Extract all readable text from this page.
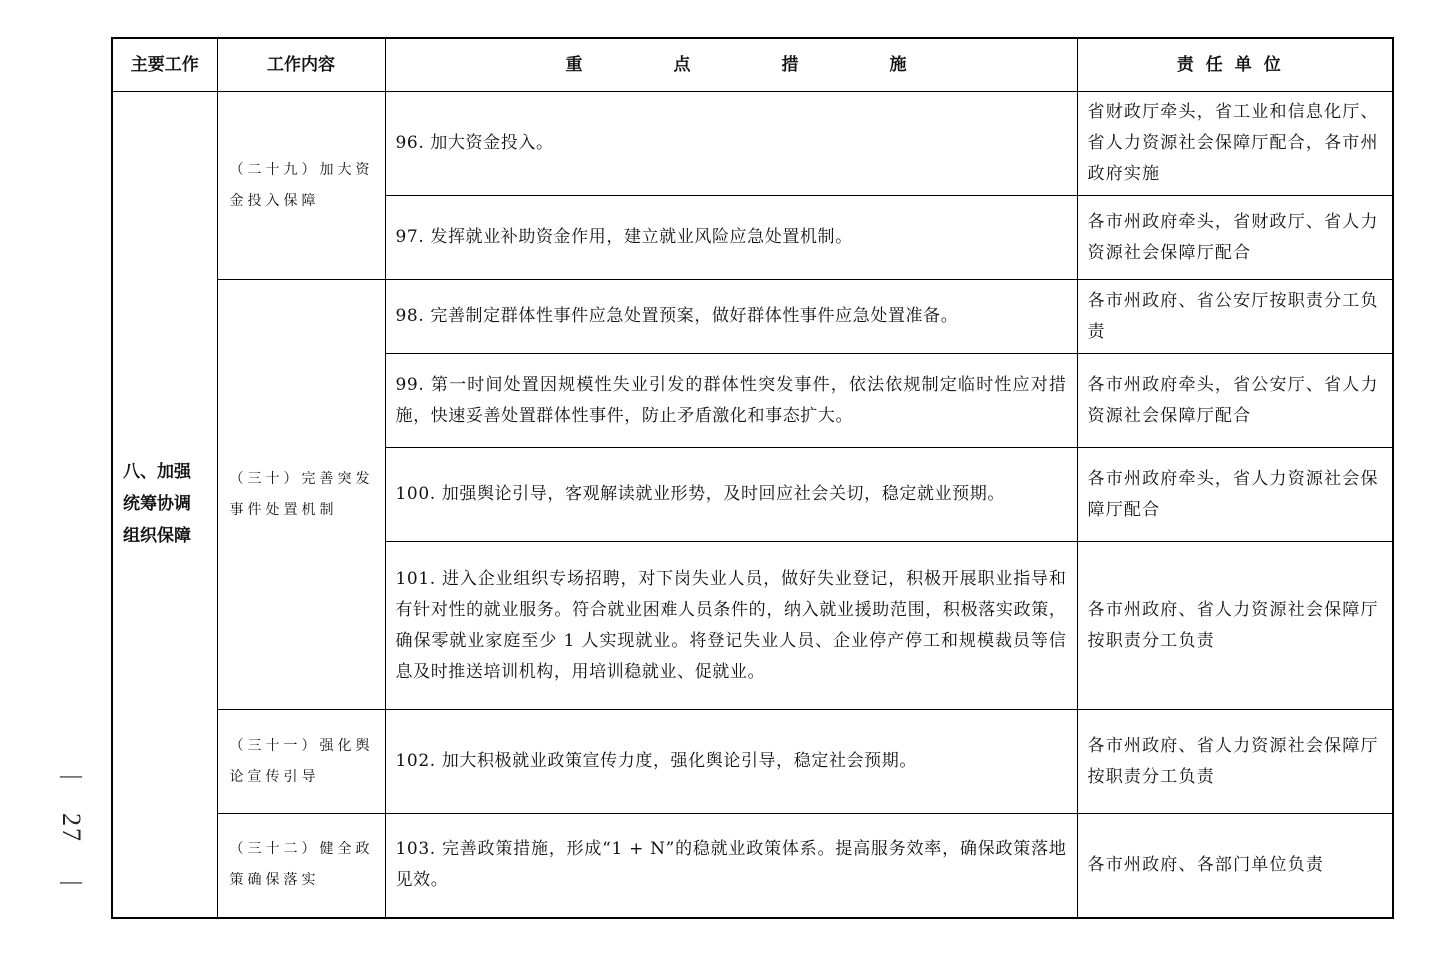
—
27
—
主要工作	工作内容	重 点 措 施	责任单位
八、加强统筹协调组织保障	（二十九）加大资金投入保障	96. 加大资金投入。	省财政厅牵头，省工业和信息化厅、省人力资源社会保障厅配合，各市州政府实施
		97. 发挥就业补助资金作用，建立就业风险应急处置机制。	各市州政府牵头，省财政厅、省人力资源社会保障厅配合
	（三十）完善突发事件处置机制	98. 完善制定群体性事件应急处置预案，做好群体性事件应急处置准备。	各市州政府、省公安厅按职责分工负责
		99. 第一时间处置因规模性失业引发的群体性突发事件，依法依规制定临时性应对措施，快速妥善处置群体性事件，防止矛盾激化和事态扩大。	各市州政府牵头，省公安厅、省人力资源社会保障厅配合
		100. 加强舆论引导，客观解读就业形势，及时回应社会关切，稳定就业预期。	各市州政府牵头，省人力资源社会保障厅配合
		101. 进入企业组织专场招聘，对下岗失业人员，做好失业登记，积极开展职业指导和有针对性的就业服务。符合就业困难人员条件的，纳入就业援助范围，积极落实政策，确保零就业家庭至少 1 人实现就业。将登记失业人员、企业停产停工和规模裁员等信息及时推送培训机构，用培训稳就业、促就业。	各市州政府、省人力资源社会保障厅按职责分工负责
	（三十一）强化舆论宣传引导	102. 加大积极就业政策宣传力度，强化舆论引导，稳定社会预期。	各市州政府、省人力资源社会保障厅按职责分工负责
	（三十二）健全政策确保落实	103. 完善政策措施，形成“1 + N”的稳就业政策体系。提高服务效率，确保政策落地见效。	各市州政府、各部门单位负责
